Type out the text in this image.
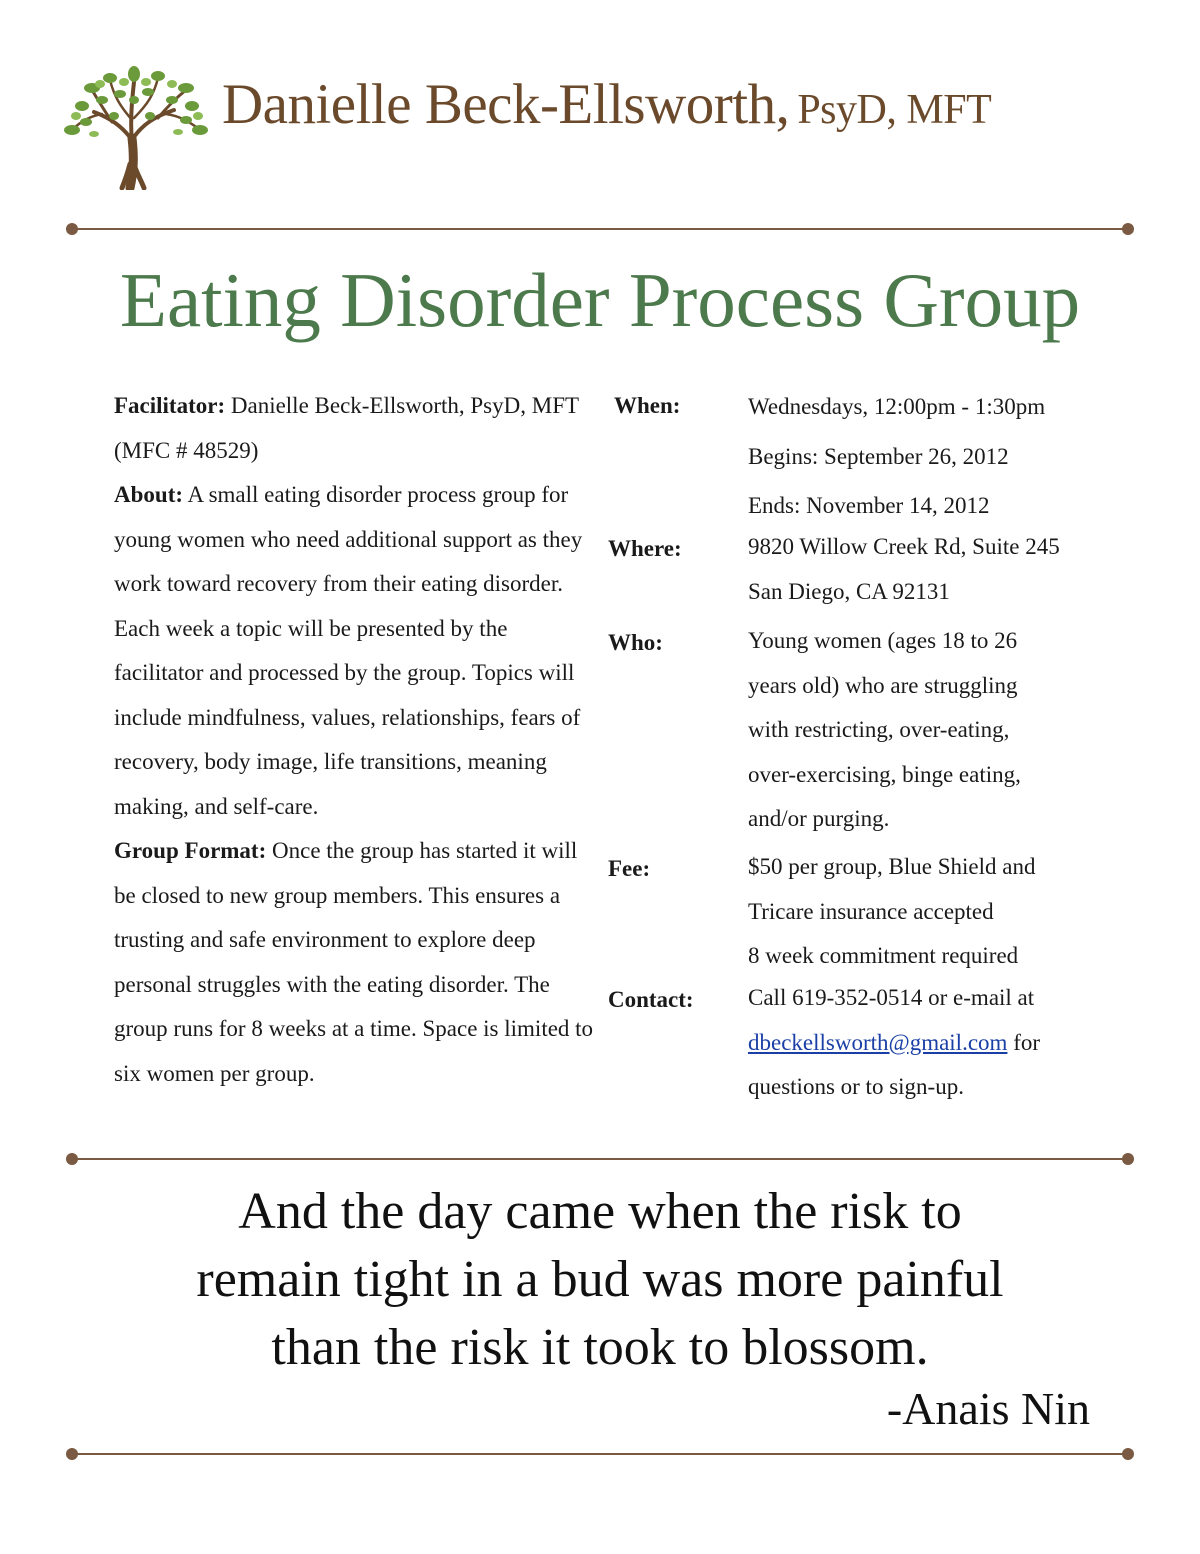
Danielle Beck-Ellsworth, PsyD, MFT
Eating Disorder Process Group

Facilitator: Danielle Beck-Ellsworth, PsyD, MFT (MFC # 48529)

About: A small eating disorder process group for young women who need additional support as they work toward recovery from their eating disorder. Each week a topic will be presented by the facilitator and processed by the group. Topics will include mindfulness, values, relationships, fears of recovery, body image, life transitions, meaning making, and self-care.

Group Format: Once the group has started it will be closed to new group members. This ensures a trusting and safe environment to explore deep personal struggles with the eating disorder. The group runs for 8 weeks at a time. Space is limited to six women per group.

When:
Where:
Who:
Fee:
Contact:
Wednesdays, 12:00pm - 1:30pm
Begins: September 26, 2012
Ends: November 14, 2012
9820 Willow Creek Rd, Suite 245
San Diego, CA 92131
Young women (ages 18 to 26
years old) who are struggling
with restricting, over-eating,
over-exercising, binge eating,
and/or purging.
$50 per group, Blue Shield and
Tricare insurance accepted
8 week commitment required
Call 619-352-0514 or e-mail at
dbeckellsworth@gmail.com for
questions or to sign-up.
And the day came when the risk to
remain tight in a bud was more painful
than the risk it took to blossom.
-Anais Nin
